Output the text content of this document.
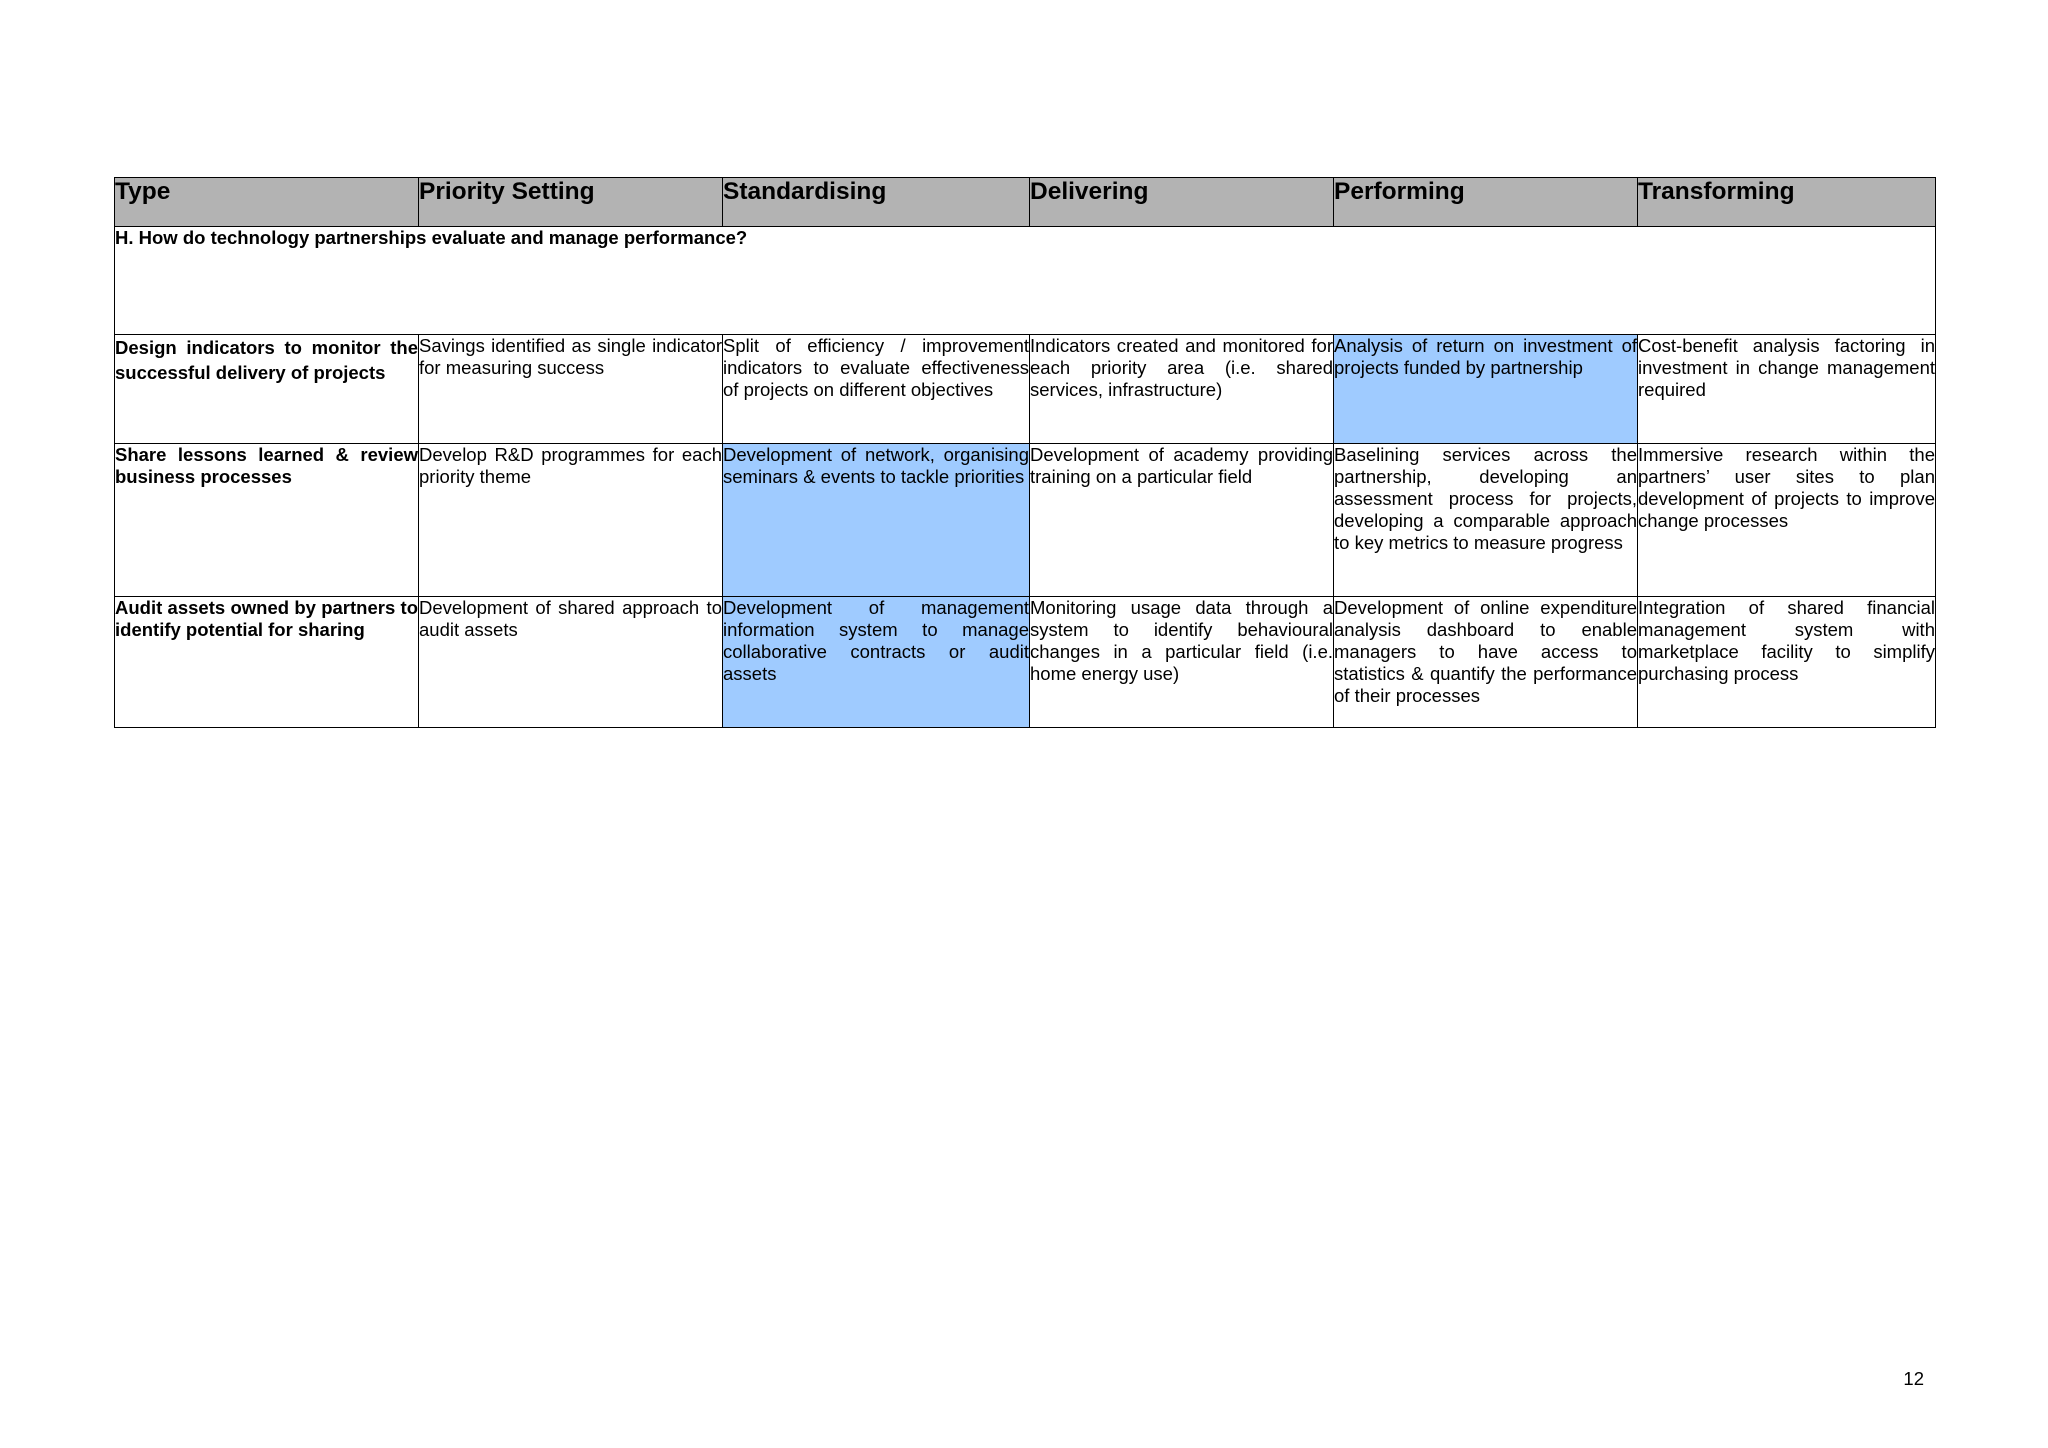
Type	Priority Setting	Standardising	Delivering	Performing	Transforming
H. How do technology partnerships evaluate and manage performance?					
Design indicators to monitor the successful delivery of projects	Savings identified as single indicator for measuring success	Split of efficiency / improvement indicators to evaluate effectiveness of projects on different objectives	Indicators created and monitored for each priority area (i.e. shared services, infrastructure)	Analysis of return on investment of projects funded by partnership	Cost-benefit analysis factoring in investment in change management required
Share lessons learned & review business processes	Develop R&D programmes for each priority theme	Development of network, organising seminars & events to tackle priorities	Development of academy providing training on a particular field	Baselining services across the partnership, developing an assessment process for projects, developing a comparable approach to key metrics to measure progress	Immersive research within the partners’ user sites to plan development of projects to improve change processes
Audit assets owned by partners to identify potential for sharing	Development of shared approach to audit assets	Development of management information system to manage collaborative contracts or audit assets	Monitoring usage data through a system to identify behavioural changes in a particular field (i.e. home energy use)	Development of online expenditure analysis dashboard to enable managers to have access to statistics & quantify the performance of their processes	Integration of shared financial management system with marketplace facility to simplify purchasing process
12
